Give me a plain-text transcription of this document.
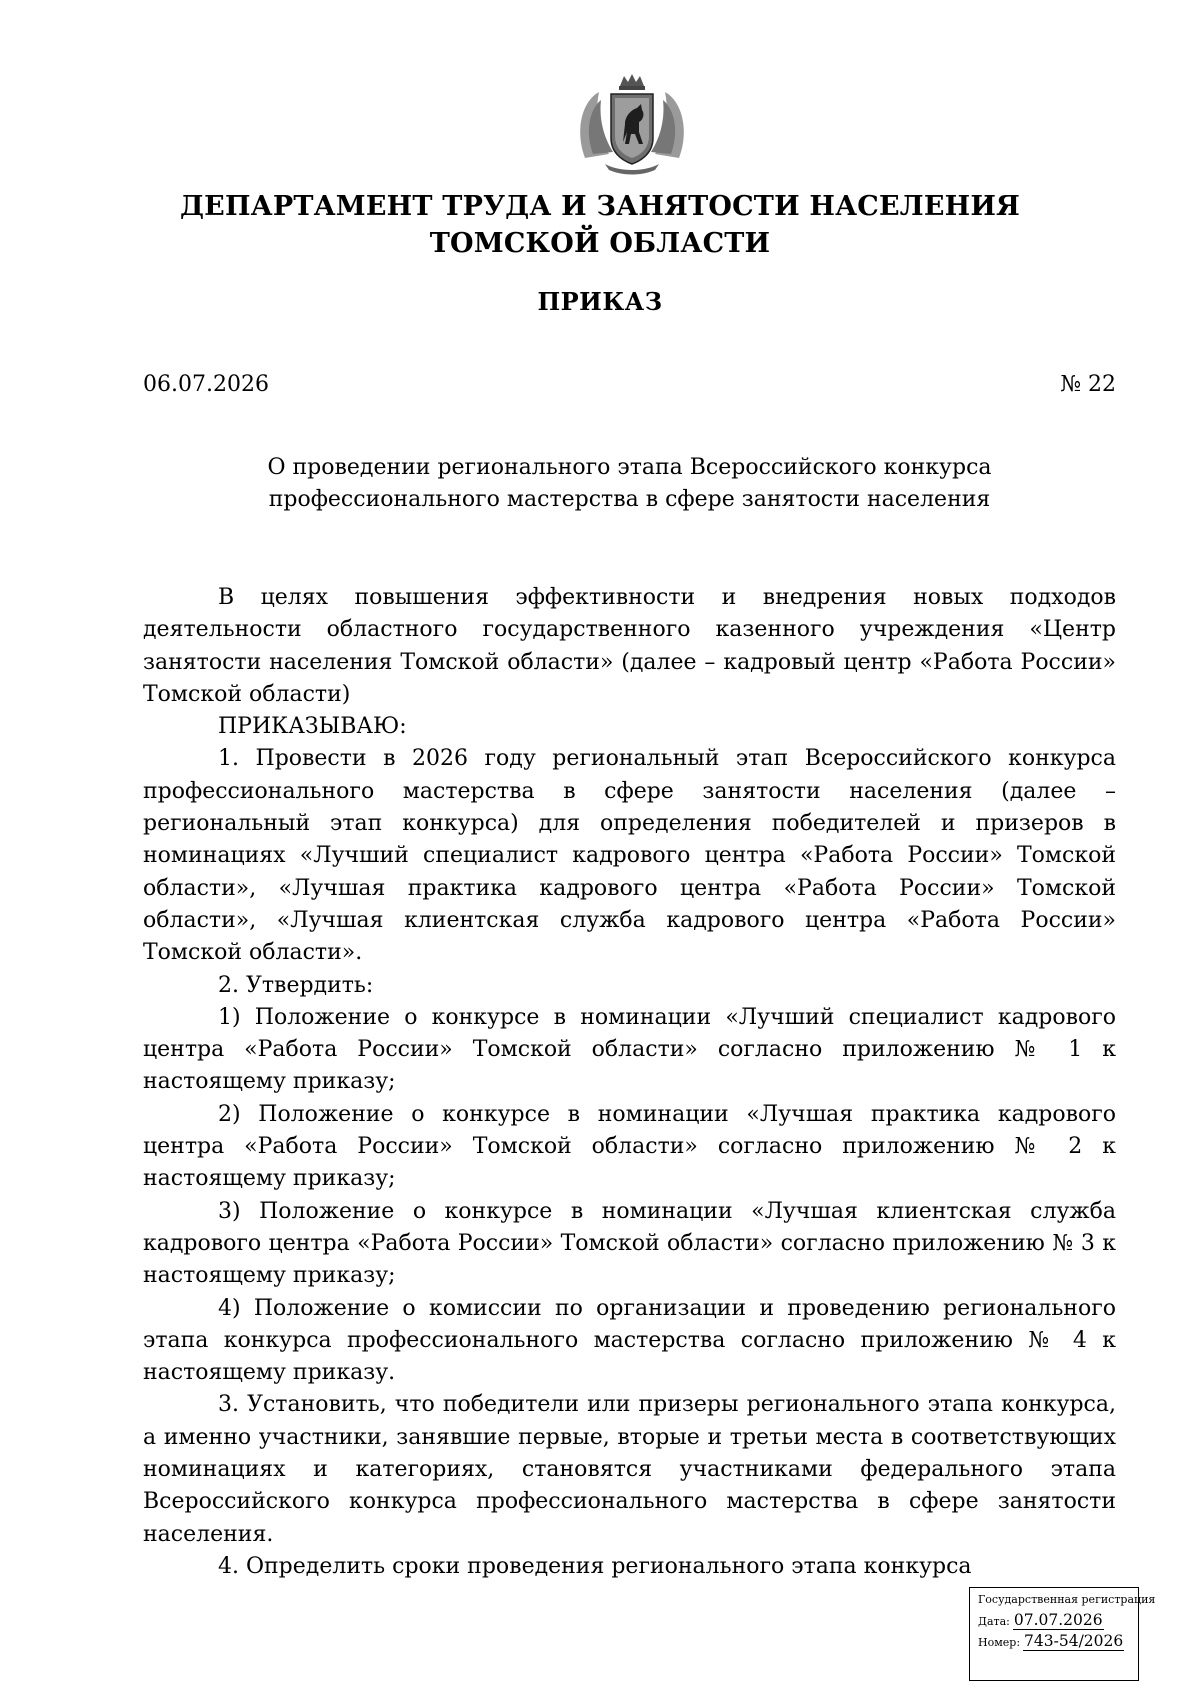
ДЕПАРТАМЕНТ ТРУДА И ЗАНЯТОСТИ НАСЕЛЕНИЯ
ТОМСКОЙ ОБЛАСТИ
ПРИКАЗ
06.07.2026	№ 22
О проведении регионального этапа Всероссийского конкурса
профессионального мастерства в сфере занятости населения

В целях повышения эффективности и внедрения новых подходов деятельности областного государственного казенного учреждения «Центр занятости населения Томской области» (далее – кадровый центр «Работа России» Томской области)

ПРИКАЗЫВАЮ:

1. Провести в 2026 году региональный этап Всероссийского конкурса профессионального мастерства в сфере занятости населения (далее – региональный этап конкурса) для определения победителей и призеров в номинациях «Лучший специалист кадрового центра «Работа России» Томской области», «Лучшая практика кадрового центра «Работа России» Томской области», «Лучшая клиентская служба кадрового центра «Работа России» Томской области».

2. Утвердить:

1) Положение о конкурсе в номинации «Лучший специалист кадрового центра «Работа России» Томской области» согласно приложению № 1 к настоящему приказу;

2) Положение о конкурсе в номинации «Лучшая практика кадрового центра «Работа России» Томской области» согласно приложению № 2 к настоящему приказу;

3) Положение о конкурсе в номинации «Лучшая клиентская служба кадрового центра «Работа России» Томской области» согласно приложению № 3 к настоящему приказу;

4) Положение о комиссии по организации и проведению регионального этапа конкурса профессионального мастерства согласно приложению № 4 к настоящему приказу.

3. Установить, что победители или призеры регионального этапа конкурса, а именно участники, занявшие первые, вторые и третьи места в соответствующих номинациях и категориях, становятся участниками федерального этапа Всероссийского конкурса профессионального мастерства в сфере занятости населения.

4. Определить сроки проведения регионального этапа конкурса

Государственная регистрация
Дата: 07.07.2026
Номер: 743-54/2026
